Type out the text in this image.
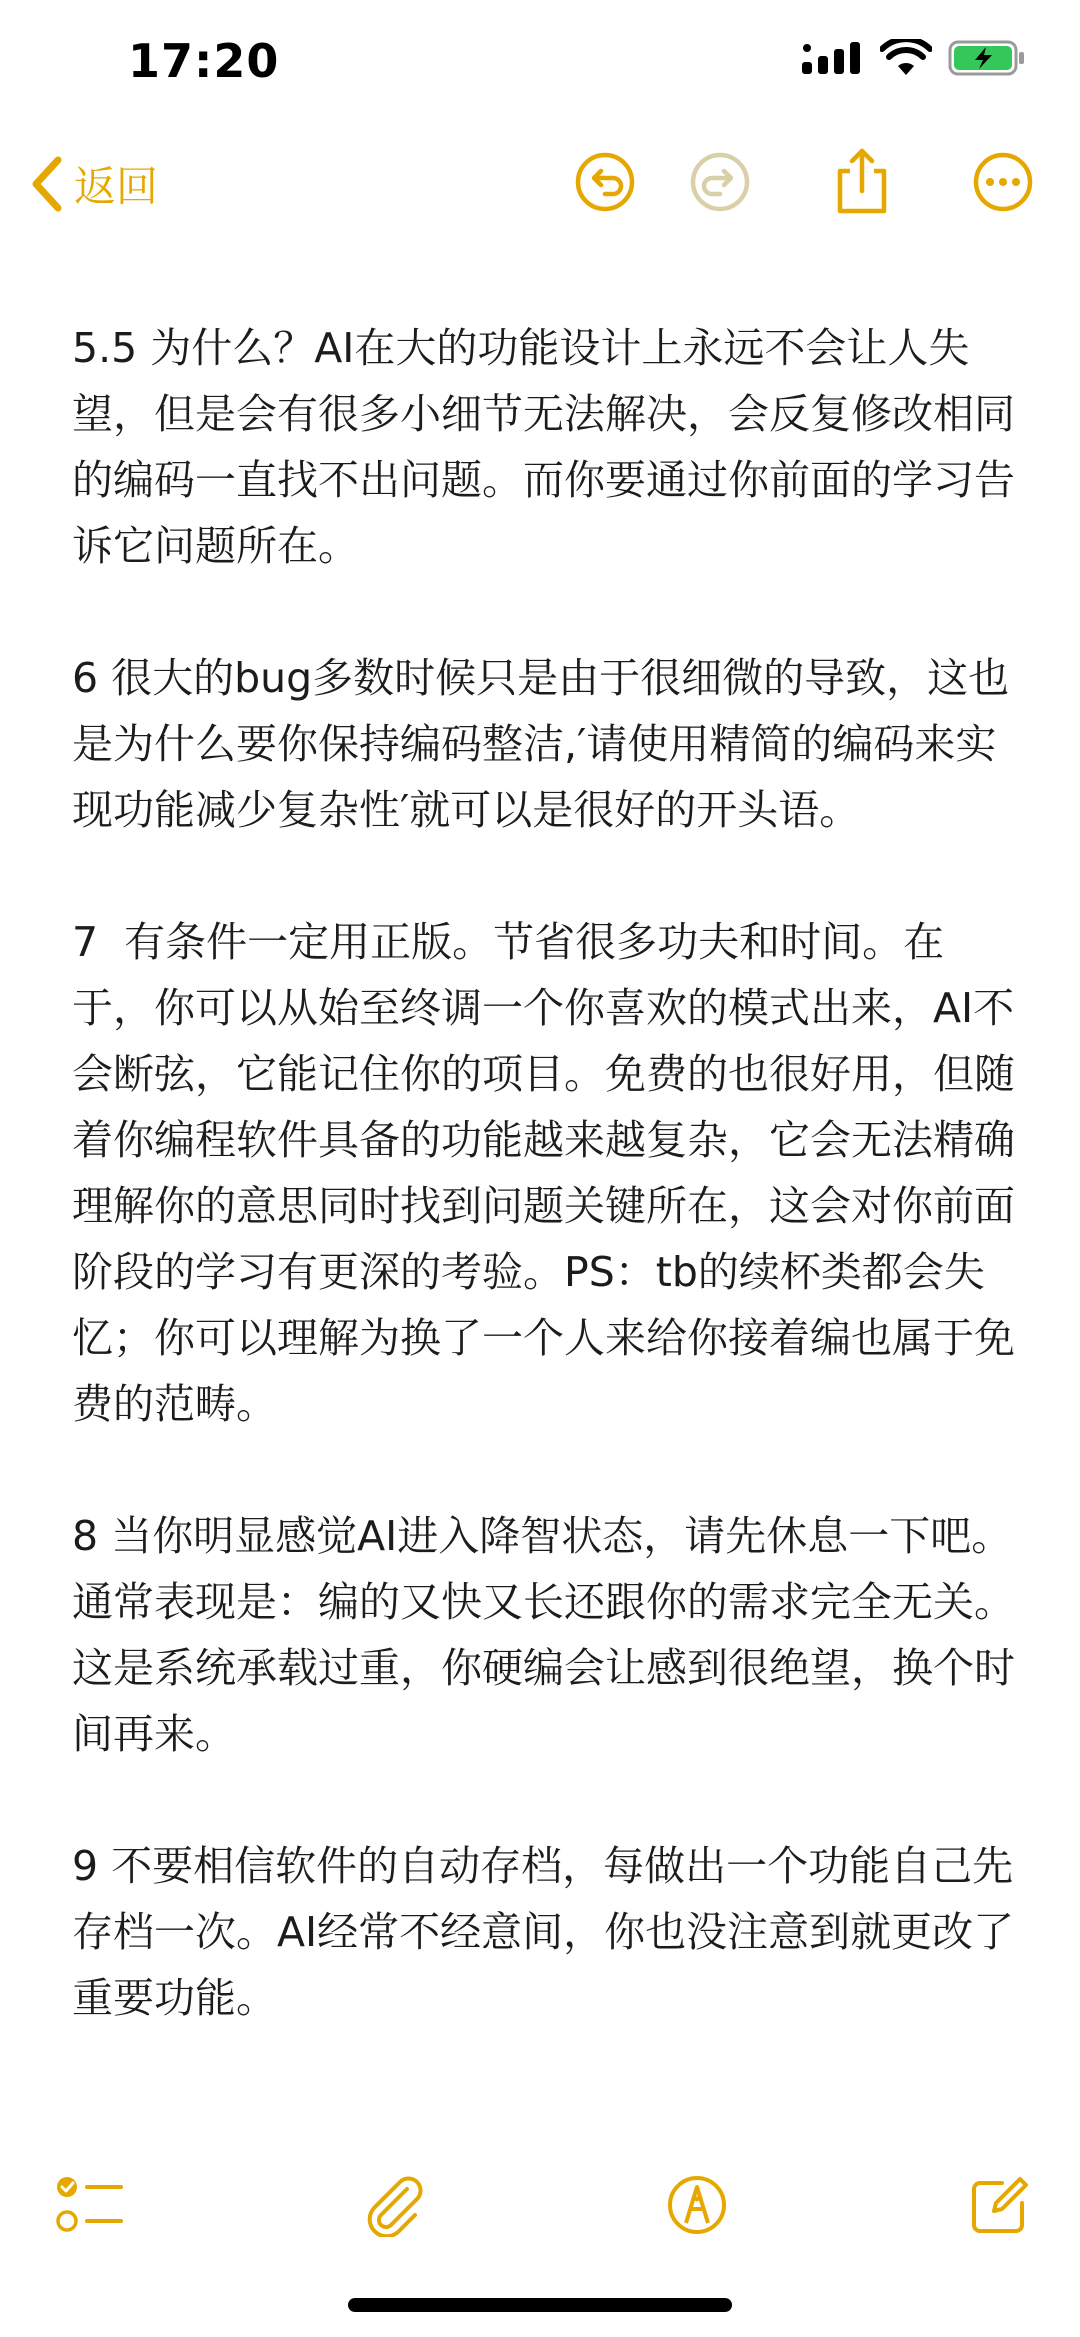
17:20
返回

5.5 为什么？AI在大的功能设计上永远不会让人失望，但是会有很多小细节无法解决，会反复修改相同的编码一直找不出问题。而你要通过你前面的学习告诉它问题所在。

6 很大的bug多数时候只是由于很细微的导致，这也是为什么要你保持编码整洁,′请使用精简的编码来实现功能减少复杂性′就可以是很好的开头语。

7  有条件一定用正版。节省很多功夫和时间。在于，你可以从始至终调一个你喜欢的模式出来，AI不会断弦，它能记住你的项目。免费的也很好用，但随着你编程软件具备的功能越来越复杂，它会无法精确理解你的意思同时找到问题关键所在，这会对你前面阶段的学习有更深的考验。PS：tb的续杯类都会失忆；你可以理解为换了一个人来给你接着编也属于免费的范畴。

8 当你明显感觉AI进入降智状态，请先休息一下吧。通常表现是：编的又快又长还跟你的需求完全无关。这是系统承载过重，你硬编会让感到很绝望，换个时间再来。

9 不要相信软件的自动存档，每做出一个功能自己先存档一次。AI经常不经意间，你也没注意到就更改了重要功能。
